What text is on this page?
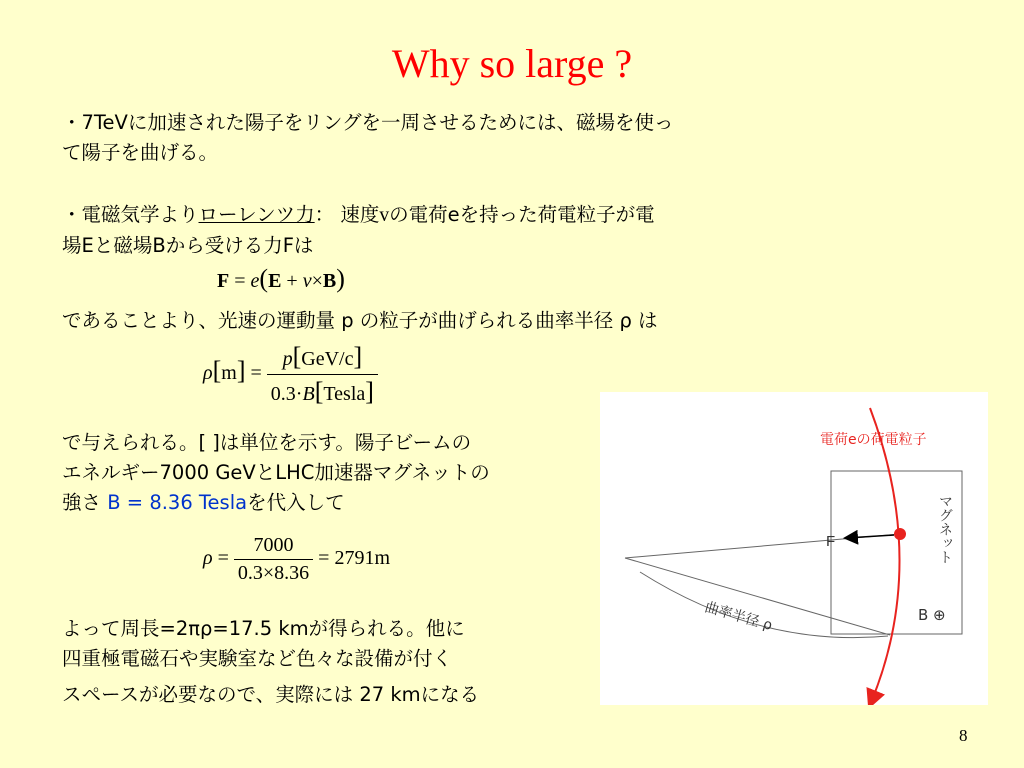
Why so large ?
・7TeVに加速された陽子をリングを一周させるためには、磁場を使っ
て陽子を曲げる。
・電磁気学よりローレンツ力： 速度vの電荷eを持った荷電粒子が電
場Eと磁場Bから受ける力Fは
F = e(E + v×B)
であることより、光速の運動量 p の粒子が曲げられる曲率半径 ρ は
$\rho[m] = \frac{\text{p[GeV/c]}}{\text{0.3·B[Tesla]}}$
で与えられる。[ ]は単位を示す。陽子ビームの
エネルギー7000 GeVとLHC加速器マグネットの
強さ B = 8.36 Teslaを代入して
$\rho = \frac{7000}{0.3\times 8.36} = 2791m$
よって周長=2πρ=17.5 kmが得られる。他に
四重極電磁石や実験室など色々な設備が付く
スペースが必要なので、実際には 27 kmになる
F
電荷eの荷電粒子
マグネット
B ⊕
曲率半径 ρ
8
